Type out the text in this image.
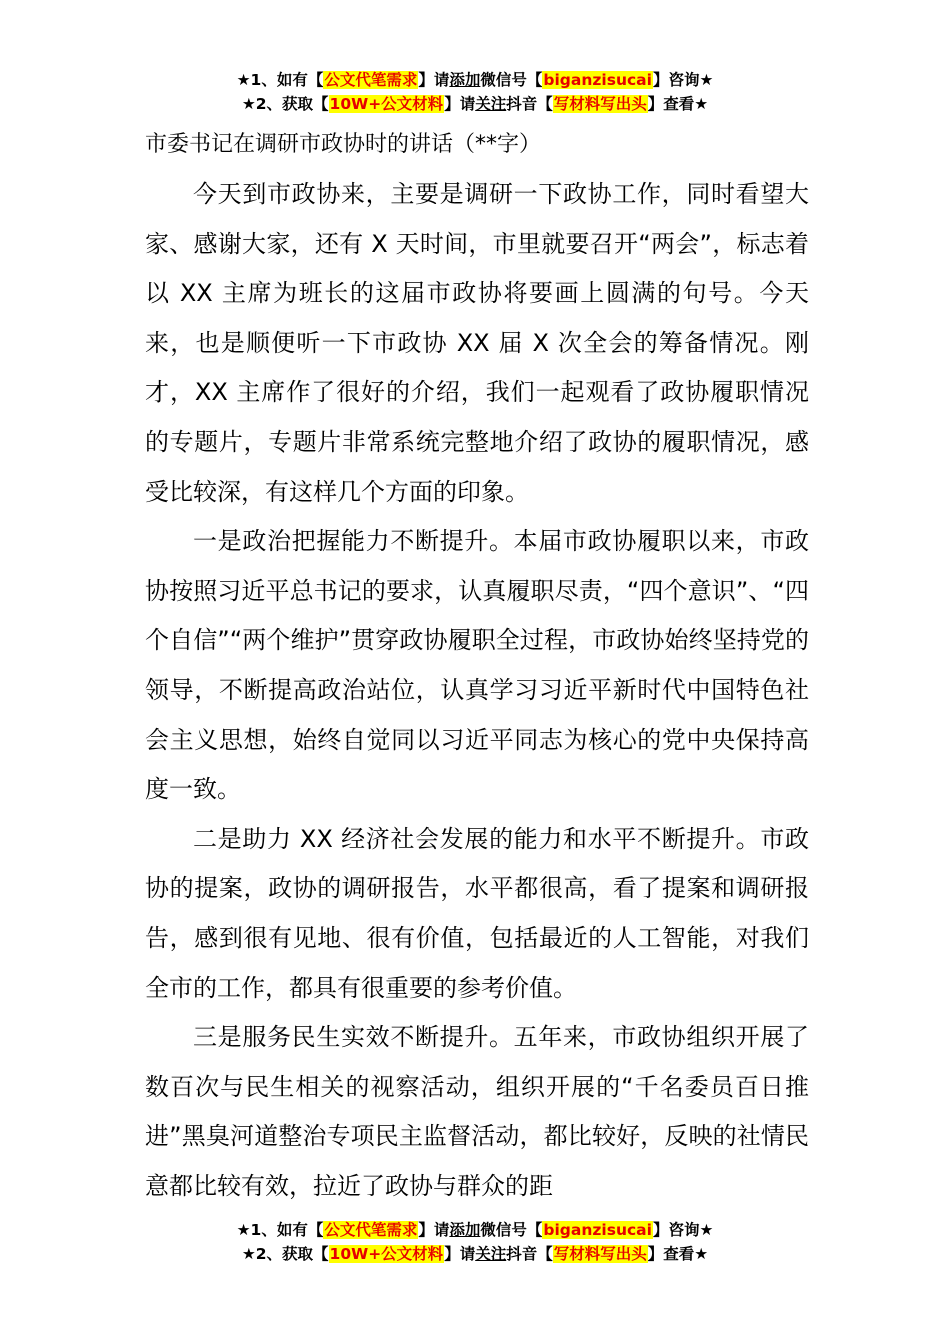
★1、如有【公文代笔需求】请添加微信号【biganzisucai】咨询★
★2、获取【10W+公文材料】请关注抖音【写材料写出头】查看★
市委书记在调研市政协时的讲话（**字）

今天到市政协来，主要是调研一下政协工作，同时看望大家、感谢大家，还有 X 天时间，市里就要召开“两会”，标志着以 XX 主席为班长的这届市政协将要画上圆满的句号。今天来，也是顺便听一下市政协 XX 届 X 次全会的筹备情况。刚才，XX 主席作了很好的介绍，我们一起观看了政协履职情况的专题片，专题片非常系统完整地介绍了政协的履职情况，感受比较深，有这样几个方面的印象。

一是政治把握能力不断提升。本届市政协履职以来，市政协按照习近平总书记的要求，认真履职尽责，“四个意识”、“四个自信”“两个维护”贯穿政协履职全过程，市政协始终坚持党的领导，不断提高政治站位，认真学习习近平新时代中国特色社会主义思想，始终自觉同以习近平同志为核心的党中央保持高度一致。

二是助力 XX 经济社会发展的能力和水平不断提升。市政协的提案，政协的调研报告，水平都很高，看了提案和调研报告，感到很有见地、很有价值，包括最近的人工智能，对我们全市的工作，都具有很重要的参考价值。

三是服务民生实效不断提升。五年来，市政协组织开展了数百次与民生相关的视察活动，组织开展的“千名委员百日推进”黑臭河道整治专项民主监督活动，都比较好，反映的社情民意都比较有效，拉近了政协与群众的距

★1、如有【公文代笔需求】请添加微信号【biganzisucai】咨询★
★2、获取【10W+公文材料】请关注抖音【写材料写出头】查看★
